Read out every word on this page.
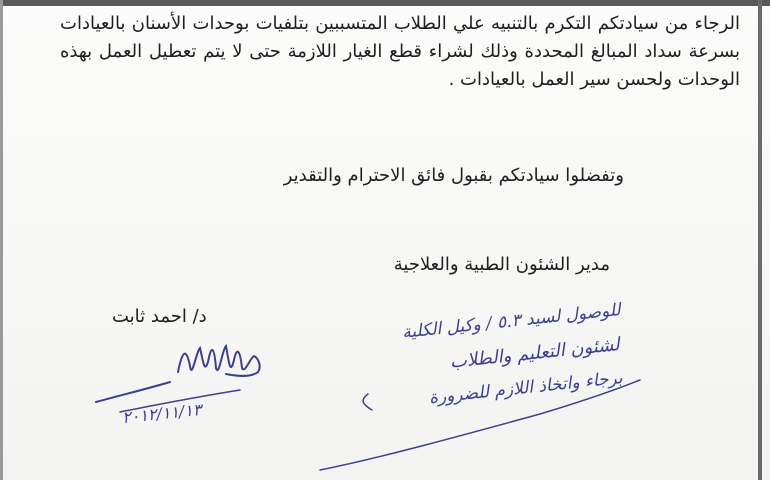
الرجاء من سيادتكم التكرم بالتنبيه علي الطلاب المتسببين بتلفيات بوحدات الأسنان بالعيادات بسرعة سداد المبالغ المحددة وذلك لشراء قطع الغيار اللازمة حتى لا يتم تعطيل العمل بهذه الوحدات ولحسن سير العمل بالعيادات .
وتفضلوا سيادتكم بقبول فائق الاحترام والتقدير
مدير الشئون الطبية والعلاجية
د/ احمد ثابت	للوصول لسيد ٥.٣ / وكيل الكلية
لشئون التعليم والطلاب
برجاء واتخاذ اللازم للضرورة
٢٠١٢/١١/١٣
